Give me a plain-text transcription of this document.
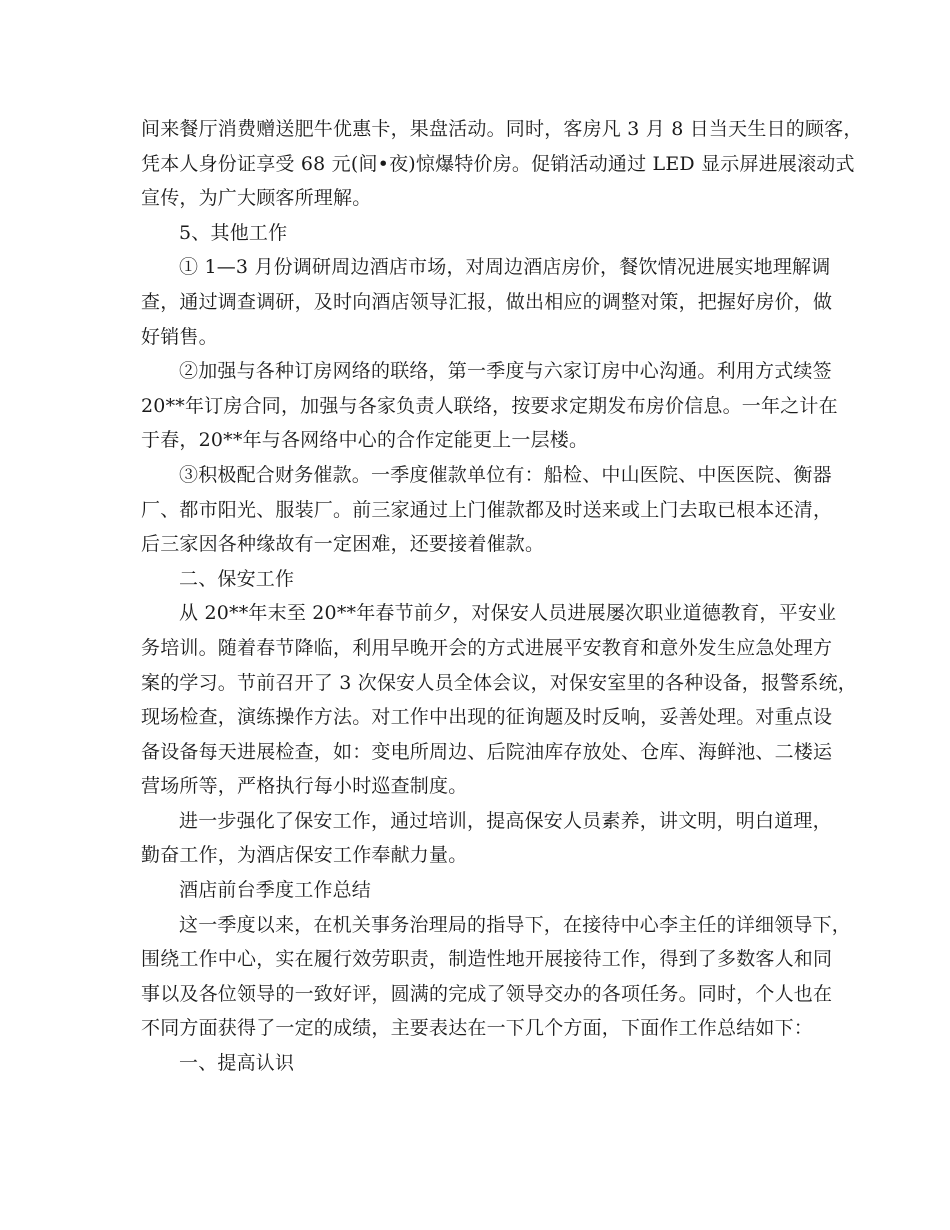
间来餐厅消费赠送肥牛优惠卡，果盘活动。同时，客房凡 3 月 8 日当天生日的顾客，
凭本人身份证享受 68 元(间•夜)惊爆特价房。促销活动通过 LED 显示屏进展滚动式
宣传，为广大顾客所理解。
5、其他工作
① 1—3 月份调研周边酒店市场，对周边酒店房价，餐饮情况进展实地理解调
查，通过调查调研，及时向酒店领导汇报，做出相应的调整对策，把握好房价，做
好销售。
②加强与各种订房网络的联络，第一季度与六家订房中心沟通。利用方式续签
20**年订房合同，加强与各家负责人联络，按要求定期发布房价信息。一年之计在
于春，20**年与各网络中心的合作定能更上一层楼。
③积极配合财务催款。一季度催款单位有：船检、中山医院、中医医院、衡器
厂、都市阳光、服装厂。前三家通过上门催款都及时送来或上门去取已根本还清，
后三家因各种缘故有一定困难，还要接着催款。
二、保安工作
从 20**年末至 20**年春节前夕，对保安人员进展屡次职业道德教育，平安业
务培训。随着春节降临，利用早晚开会的方式进展平安教育和意外发生应急处理方
案的学习。节前召开了 3 次保安人员全体会议，对保安室里的各种设备，报警系统，
现场检查，演练操作方法。对工作中出现的征询题及时反响，妥善处理。对重点设
备设备每天进展检查，如：变电所周边、后院油库存放处、仓库、海鲜池、二楼运
营场所等，严格执行每小时巡查制度。
进一步强化了保安工作，通过培训，提高保安人员素养，讲文明，明白道理，
勤奋工作，为酒店保安工作奉献力量。
酒店前台季度工作总结
这一季度以来，在机关事务治理局的指导下，在接待中心李主任的详细领导下，
围绕工作中心，实在履行效劳职责，制造性地开展接待工作，得到了多数客人和同
事以及各位领导的一致好评，圆满的完成了领导交办的各项任务。同时，个人也在
不同方面获得了一定的成绩，主要表达在一下几个方面，下面作工作总结如下：
一、提高认识
